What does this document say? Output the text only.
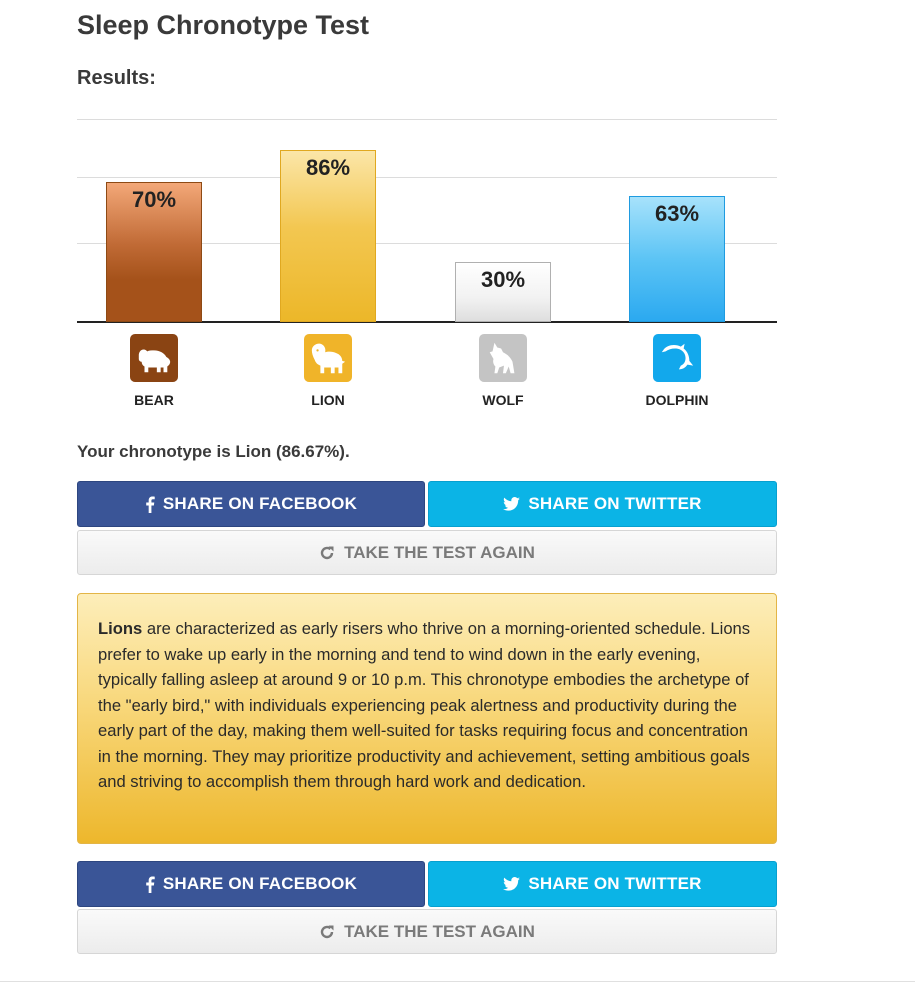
Sleep Chronotype Test
Results:
70%
86%
30%
63%
BEAR	LION	WOLF	DOLPHIN
Your chronotype is Lion (86.67%).
SHARE ON FACEBOOK	SHARE ON TWITTER
TAKE THE TEST AGAIN
Lions are characterized as early risers who thrive on a morning-oriented schedule. Lions prefer to wake up early in the morning and tend to wind down in the early evening, typically falling asleep at around 9 or 10 p.m. This chronotype embodies the archetype of the "early bird," with individuals experiencing peak alertness and productivity during the early part of the day, making them well-suited for tasks requiring focus and concentration in the morning. They may prioritize productivity and achievement, setting ambitious goals and striving to accomplish them through hard work and dedication.
SHARE ON FACEBOOK	SHARE ON TWITTER
TAKE THE TEST AGAIN
